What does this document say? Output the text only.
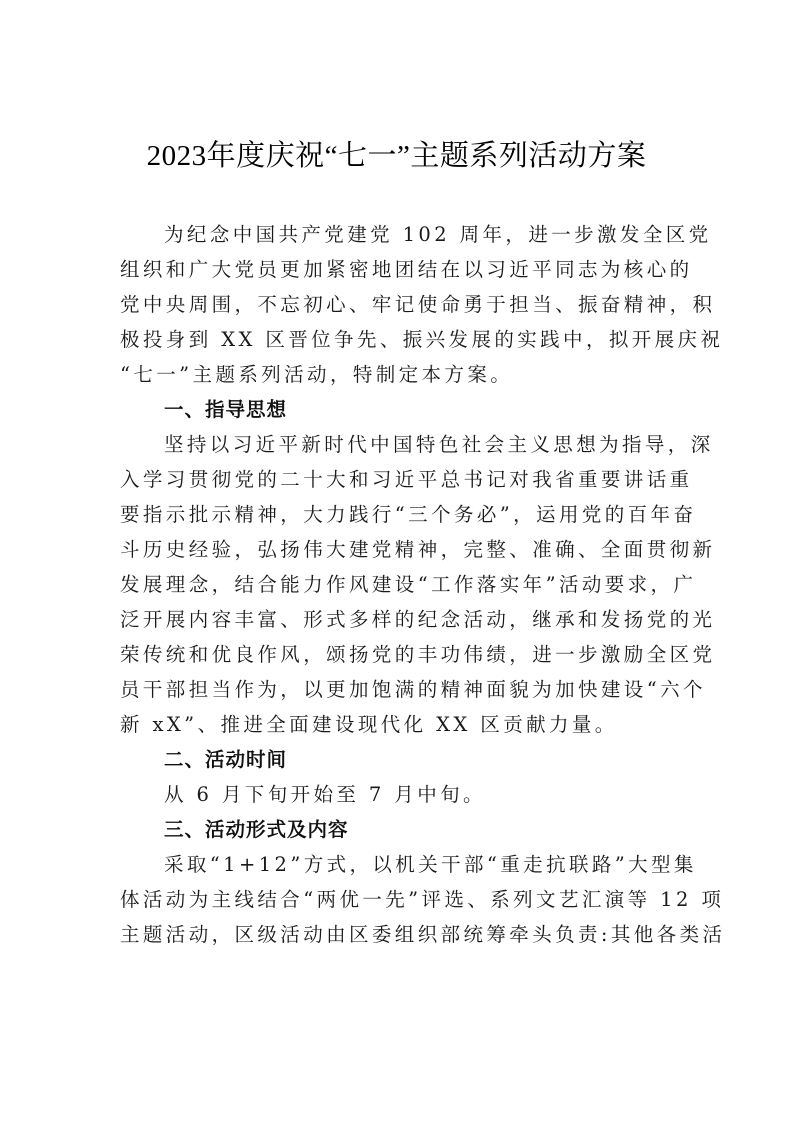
2023年度庆祝“七一”主题系列活动方案

为纪念中国共产党建党 102 周年，进一步激发全区党
组织和广大党员更加紧密地团结在以习近平同志为核心的
党中央周围，不忘初心、牢记使命勇于担当、振奋精神，积
极投身到 XX 区晋位争先、振兴发展的实践中，拟开展庆祝
“七一”主题系列活动，特制定本方案。

一、指导思想

坚持以习近平新时代中国特色社会主义思想为指导，深
入学习贯彻党的二十大和习近平总书记对我省重要讲话重
要指示批示精神，大力践行“三个务必”，运用党的百年奋
斗历史经验，弘扬伟大建党精神，完整、准确、全面贯彻新
发展理念，结合能力作风建设“工作落实年”活动要求，广
泛开展内容丰富、形式多样的纪念活动，继承和发扬党的光
荣传统和优良作风，颂扬党的丰功伟绩，进一步激励全区党
员干部担当作为，以更加饱满的精神面貌为加快建设“六个
新 xX”、推进全面建设现代化 XX 区贡献力量。

二、活动时间

从 6 月下旬开始至 7 月中旬。

三、活动形式及内容

采取“1+12”方式，以机关干部“重走抗联路”大型集
体活动为主线结合“两优一先”评选、系列文艺汇演等 12 项
主题活动，区级活动由区委组织部统筹牵头负责:其他各类活
